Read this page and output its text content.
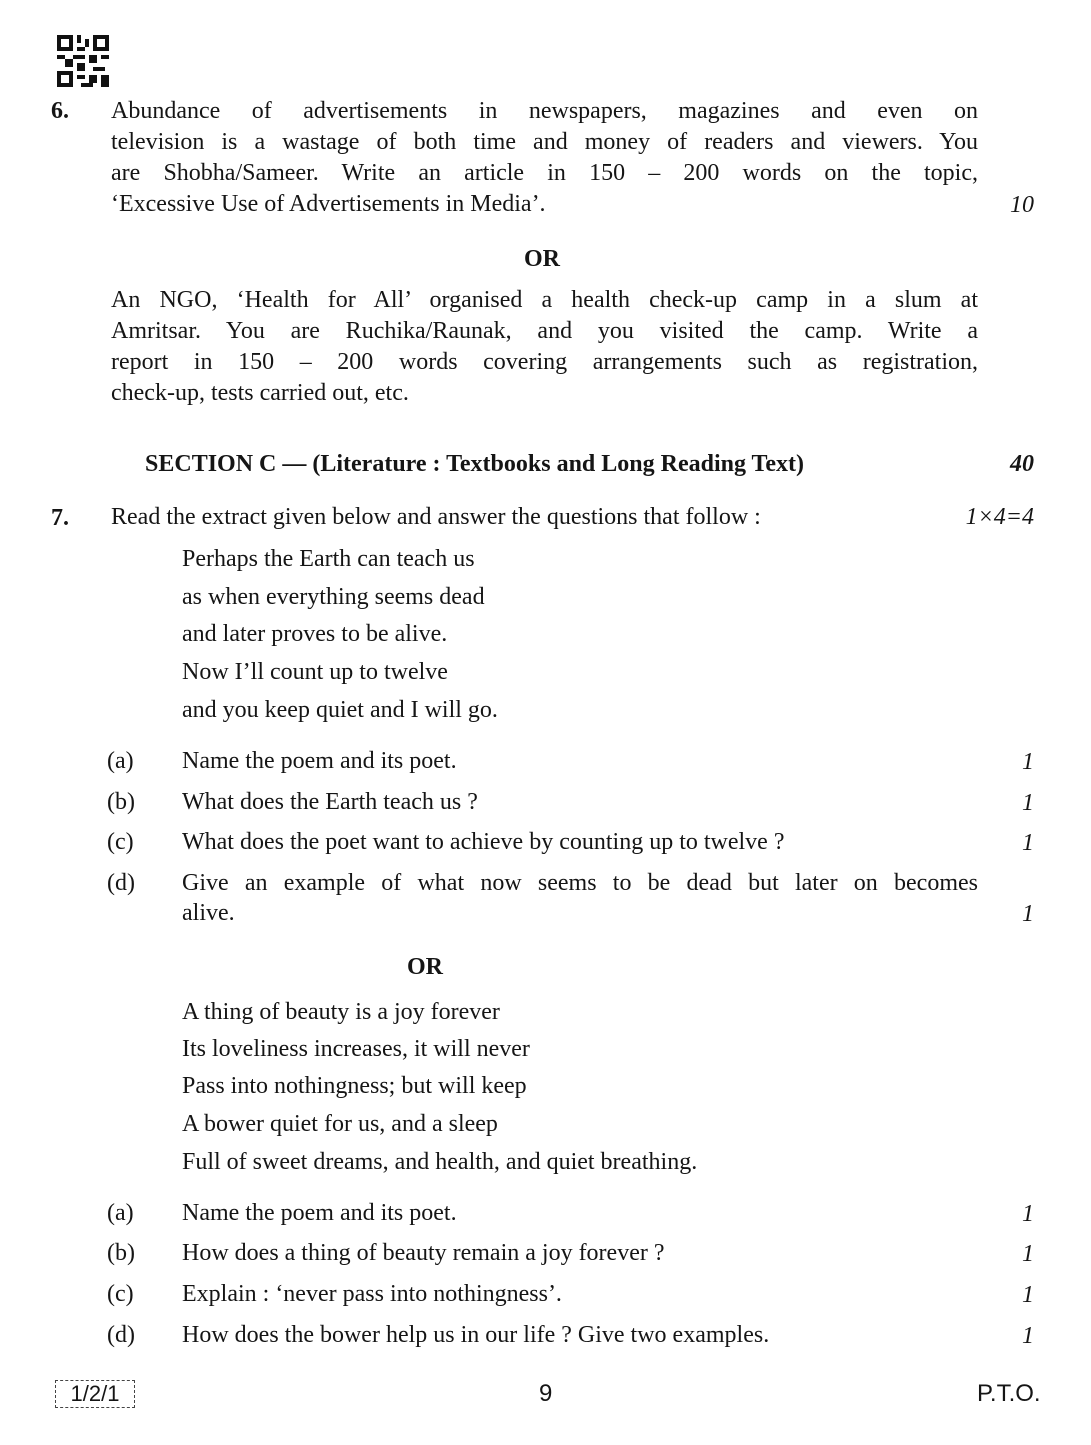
6. Abundance of advertisements in newspapers, magazines and even on
television is a wastage of both time and money of readers and viewers. You
are Shobha/Sameer. Write an article in 150 – 200 words on the topic,
‘Excessive Use of Advertisements in Media’.	10
OR
An NGO, ‘Health for All’ organised a health check-up camp in a slum at
Amritsar. You are Ruchika/Raunak, and you visited the camp. Write a
report in 150 – 200 words covering arrangements such as registration,
check-up, tests carried out, etc.
SECTION C — (Literature : Textbooks and Long Reading Text)	40
7. Read the extract given below and answer the questions that follow :	1×4=4
Perhaps the Earth can teach us
as when everything seems dead
and later proves to be alive.
Now I’ll count up to twelve
and you keep quiet and I will go.
(a) Name the poem and its poet.	1
(b) What does the Earth teach us ?	1
(c) What does the poet want to achieve by counting up to twelve ?	1
(d) Give an example of what now seems to be dead but later on becomes
alive.	1
OR
A thing of beauty is a joy forever
Its loveliness increases, it will never
Pass into nothingness; but will keep
A bower quiet for us, and a sleep
Full of sweet dreams, and health, and quiet breathing.
(a) Name the poem and its poet.	1
(b) How does a thing of beauty remain a joy forever ?	1
(c) Explain : ‘never pass into nothingness’.	1
(d) How does the bower help us in our life ? Give two examples.	1
1/2/1	9	P.T.O.
